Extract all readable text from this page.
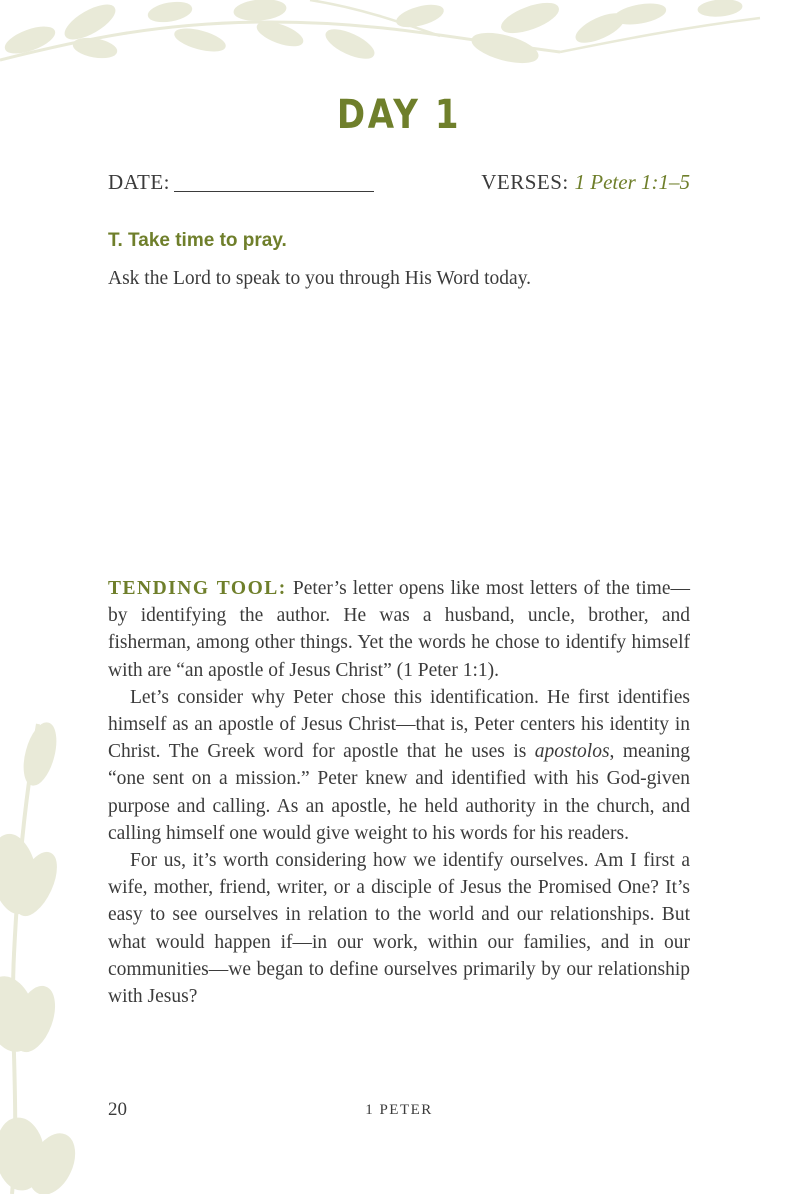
DAY 1
DATE:	VERSES: 1 Peter 1:1–5
T. Take time to pray.
Ask the Lord to speak to you through His Word today.

TENDING TOOL: Peter’s letter opens like most letters of the time—by identifying the author. He was a husband, uncle, brother, and fisherman, among other things. Yet the words he chose to identify himself with are “an apostle of Jesus Christ” (1 Peter 1:1).

Let’s consider why Peter chose this identification. He first identifies himself as an apostle of Jesus Christ—that is, Peter centers his identity in Christ. The Greek word for apostle that he uses is apostolos, meaning “one sent on a mission.” Peter knew and identified with his God-given purpose and calling. As an apostle, he held authority in the church, and calling himself one would give weight to his words for his readers.

For us, it’s worth considering how we identify ourselves. Am I first a wife, mother, friend, writer, or a disciple of Jesus the Promised One? It’s easy to see ourselves in relation to the world and our relationships. But what would happen if—in our work, within our families, and in our communities—we began to define ourselves primarily by our relationship with Jesus?

20	1 PETER
